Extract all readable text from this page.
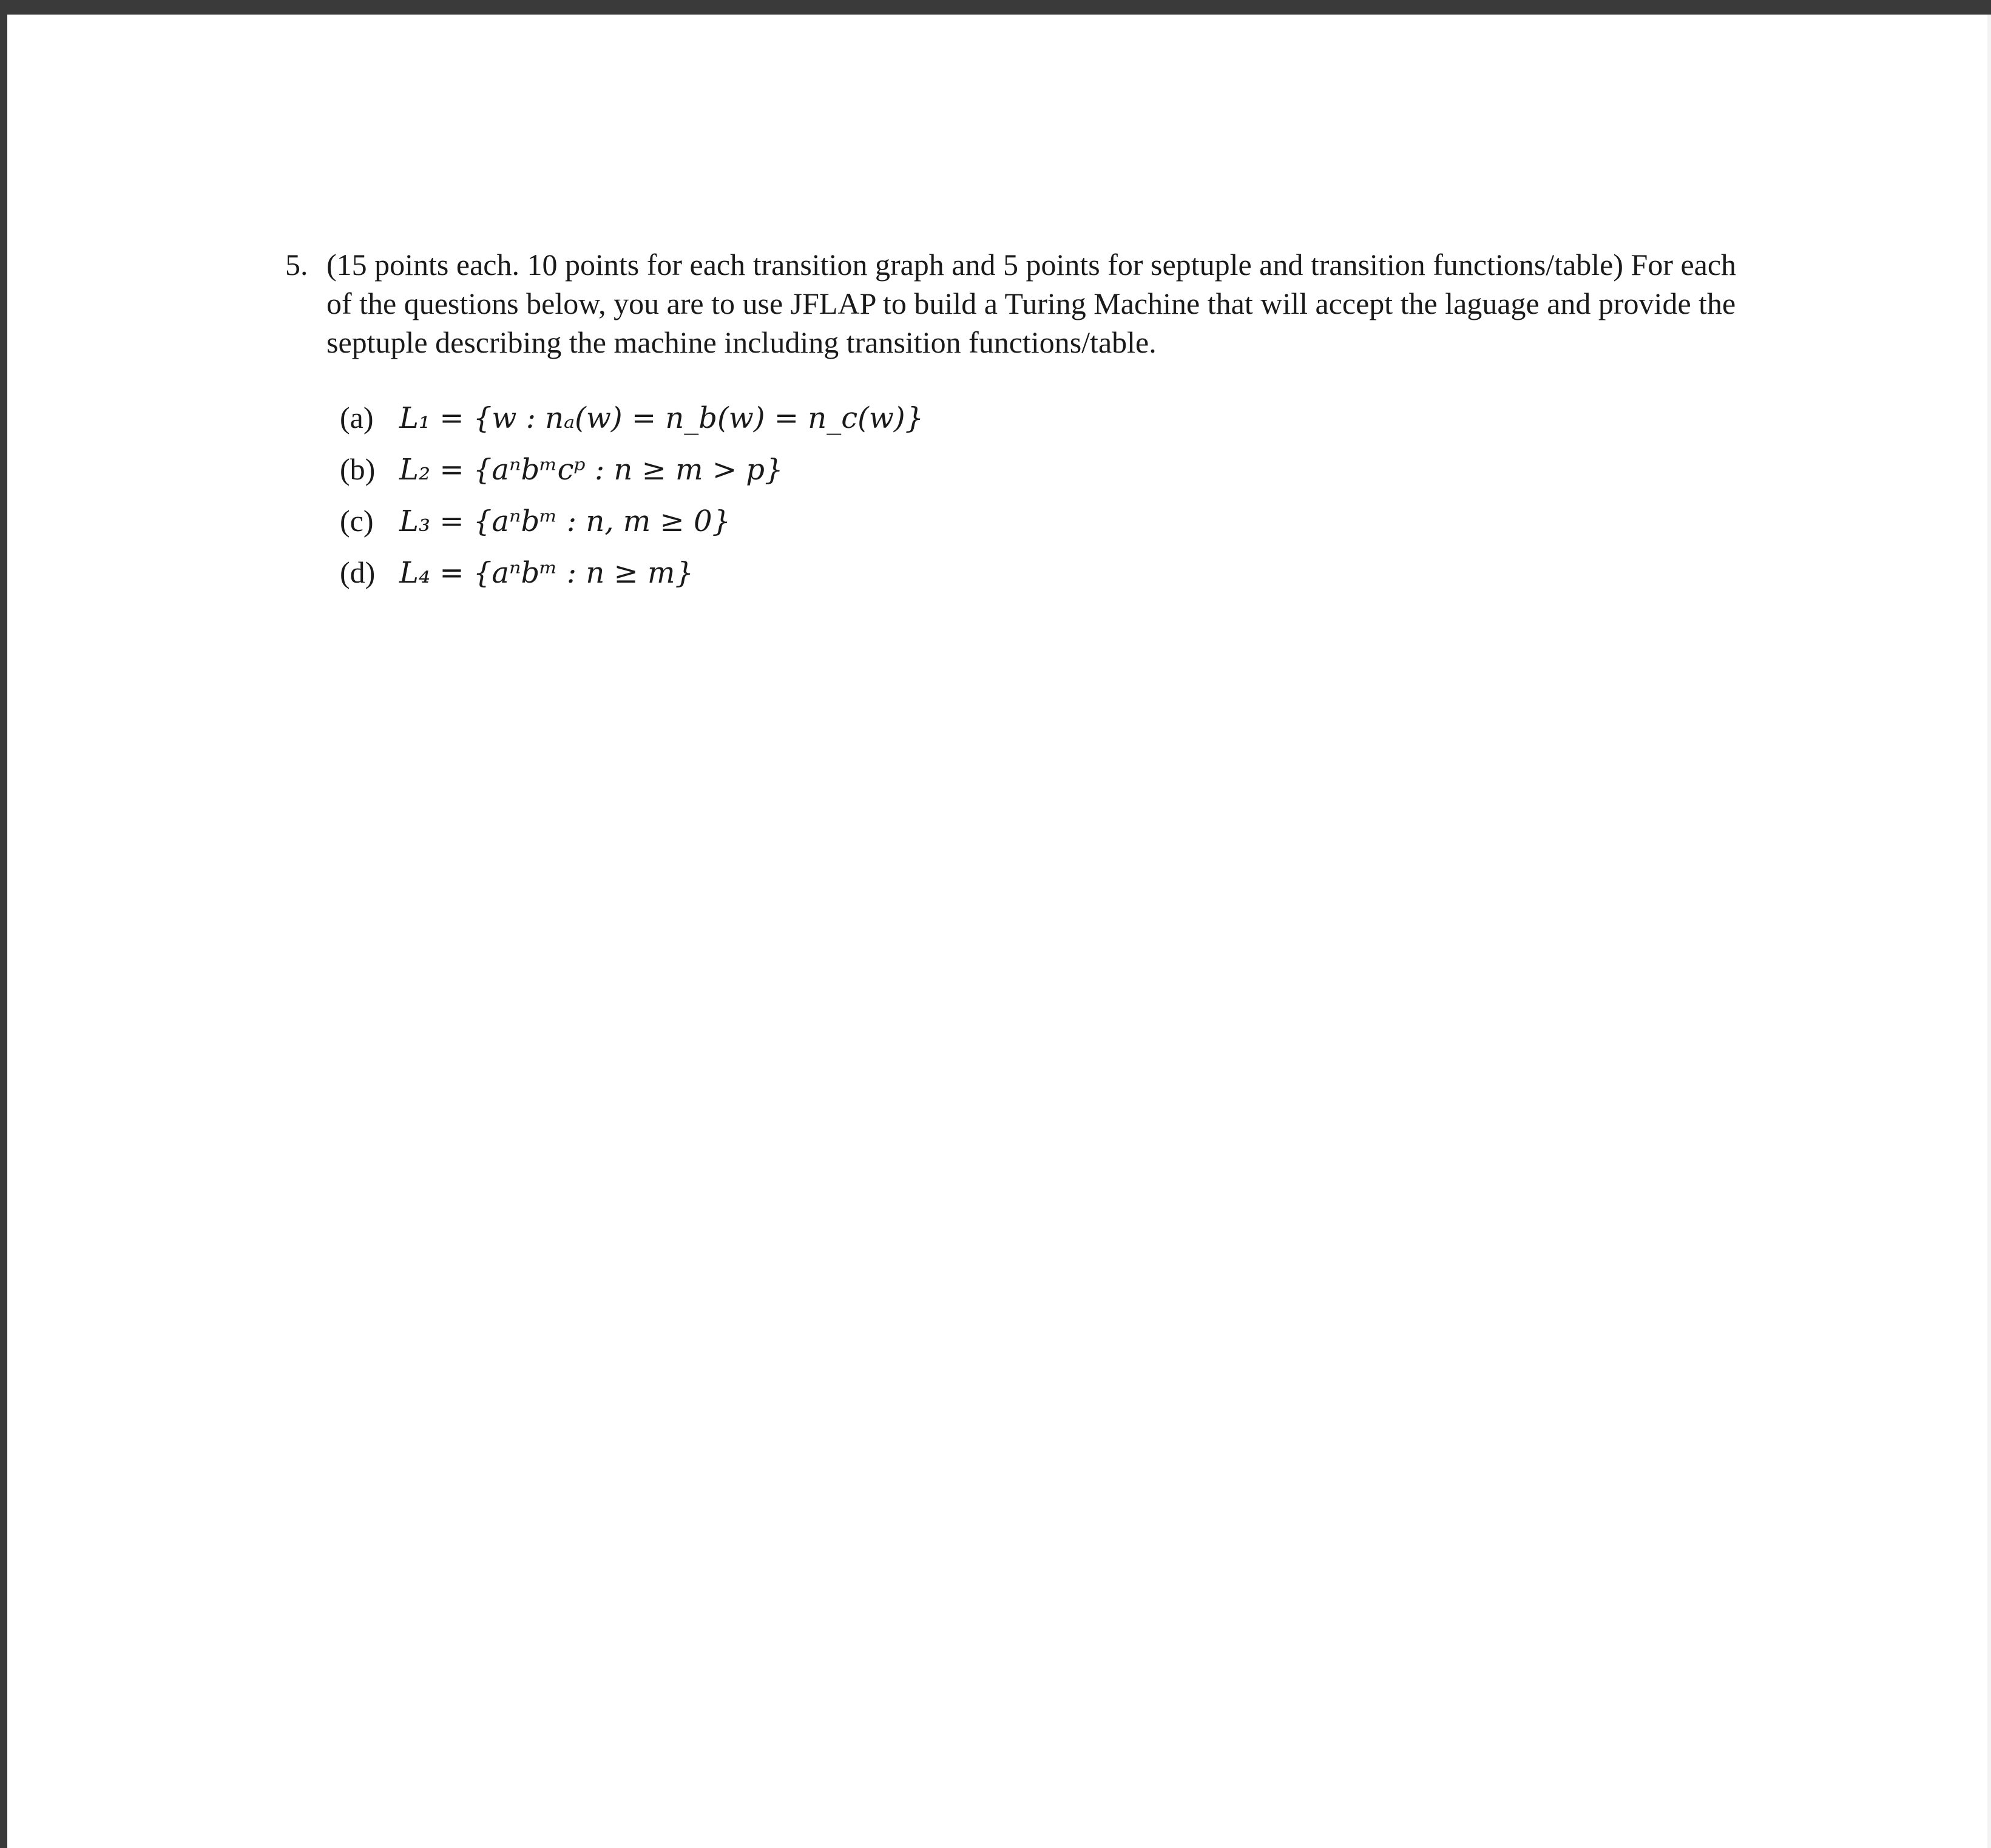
5. (15 points each. 10 points for each transition graph and 5 points for septuple and transition functions/table) For each of the questions below, you are to use JFLAP to build a Turing Machine that will accept the laguage and provide the septuple describing the machine including transition functions/table.
(a) L₁ = {w : nₐ(w) = n_b(w) = n_c(w)}
(b) L₂ = {aⁿbᵐcᵖ : n ≥ m > p}
(c) L₃ = {aⁿbᵐ : n, m ≥ 0}
(d) L₄ = {aⁿbᵐ : n ≥ m}
